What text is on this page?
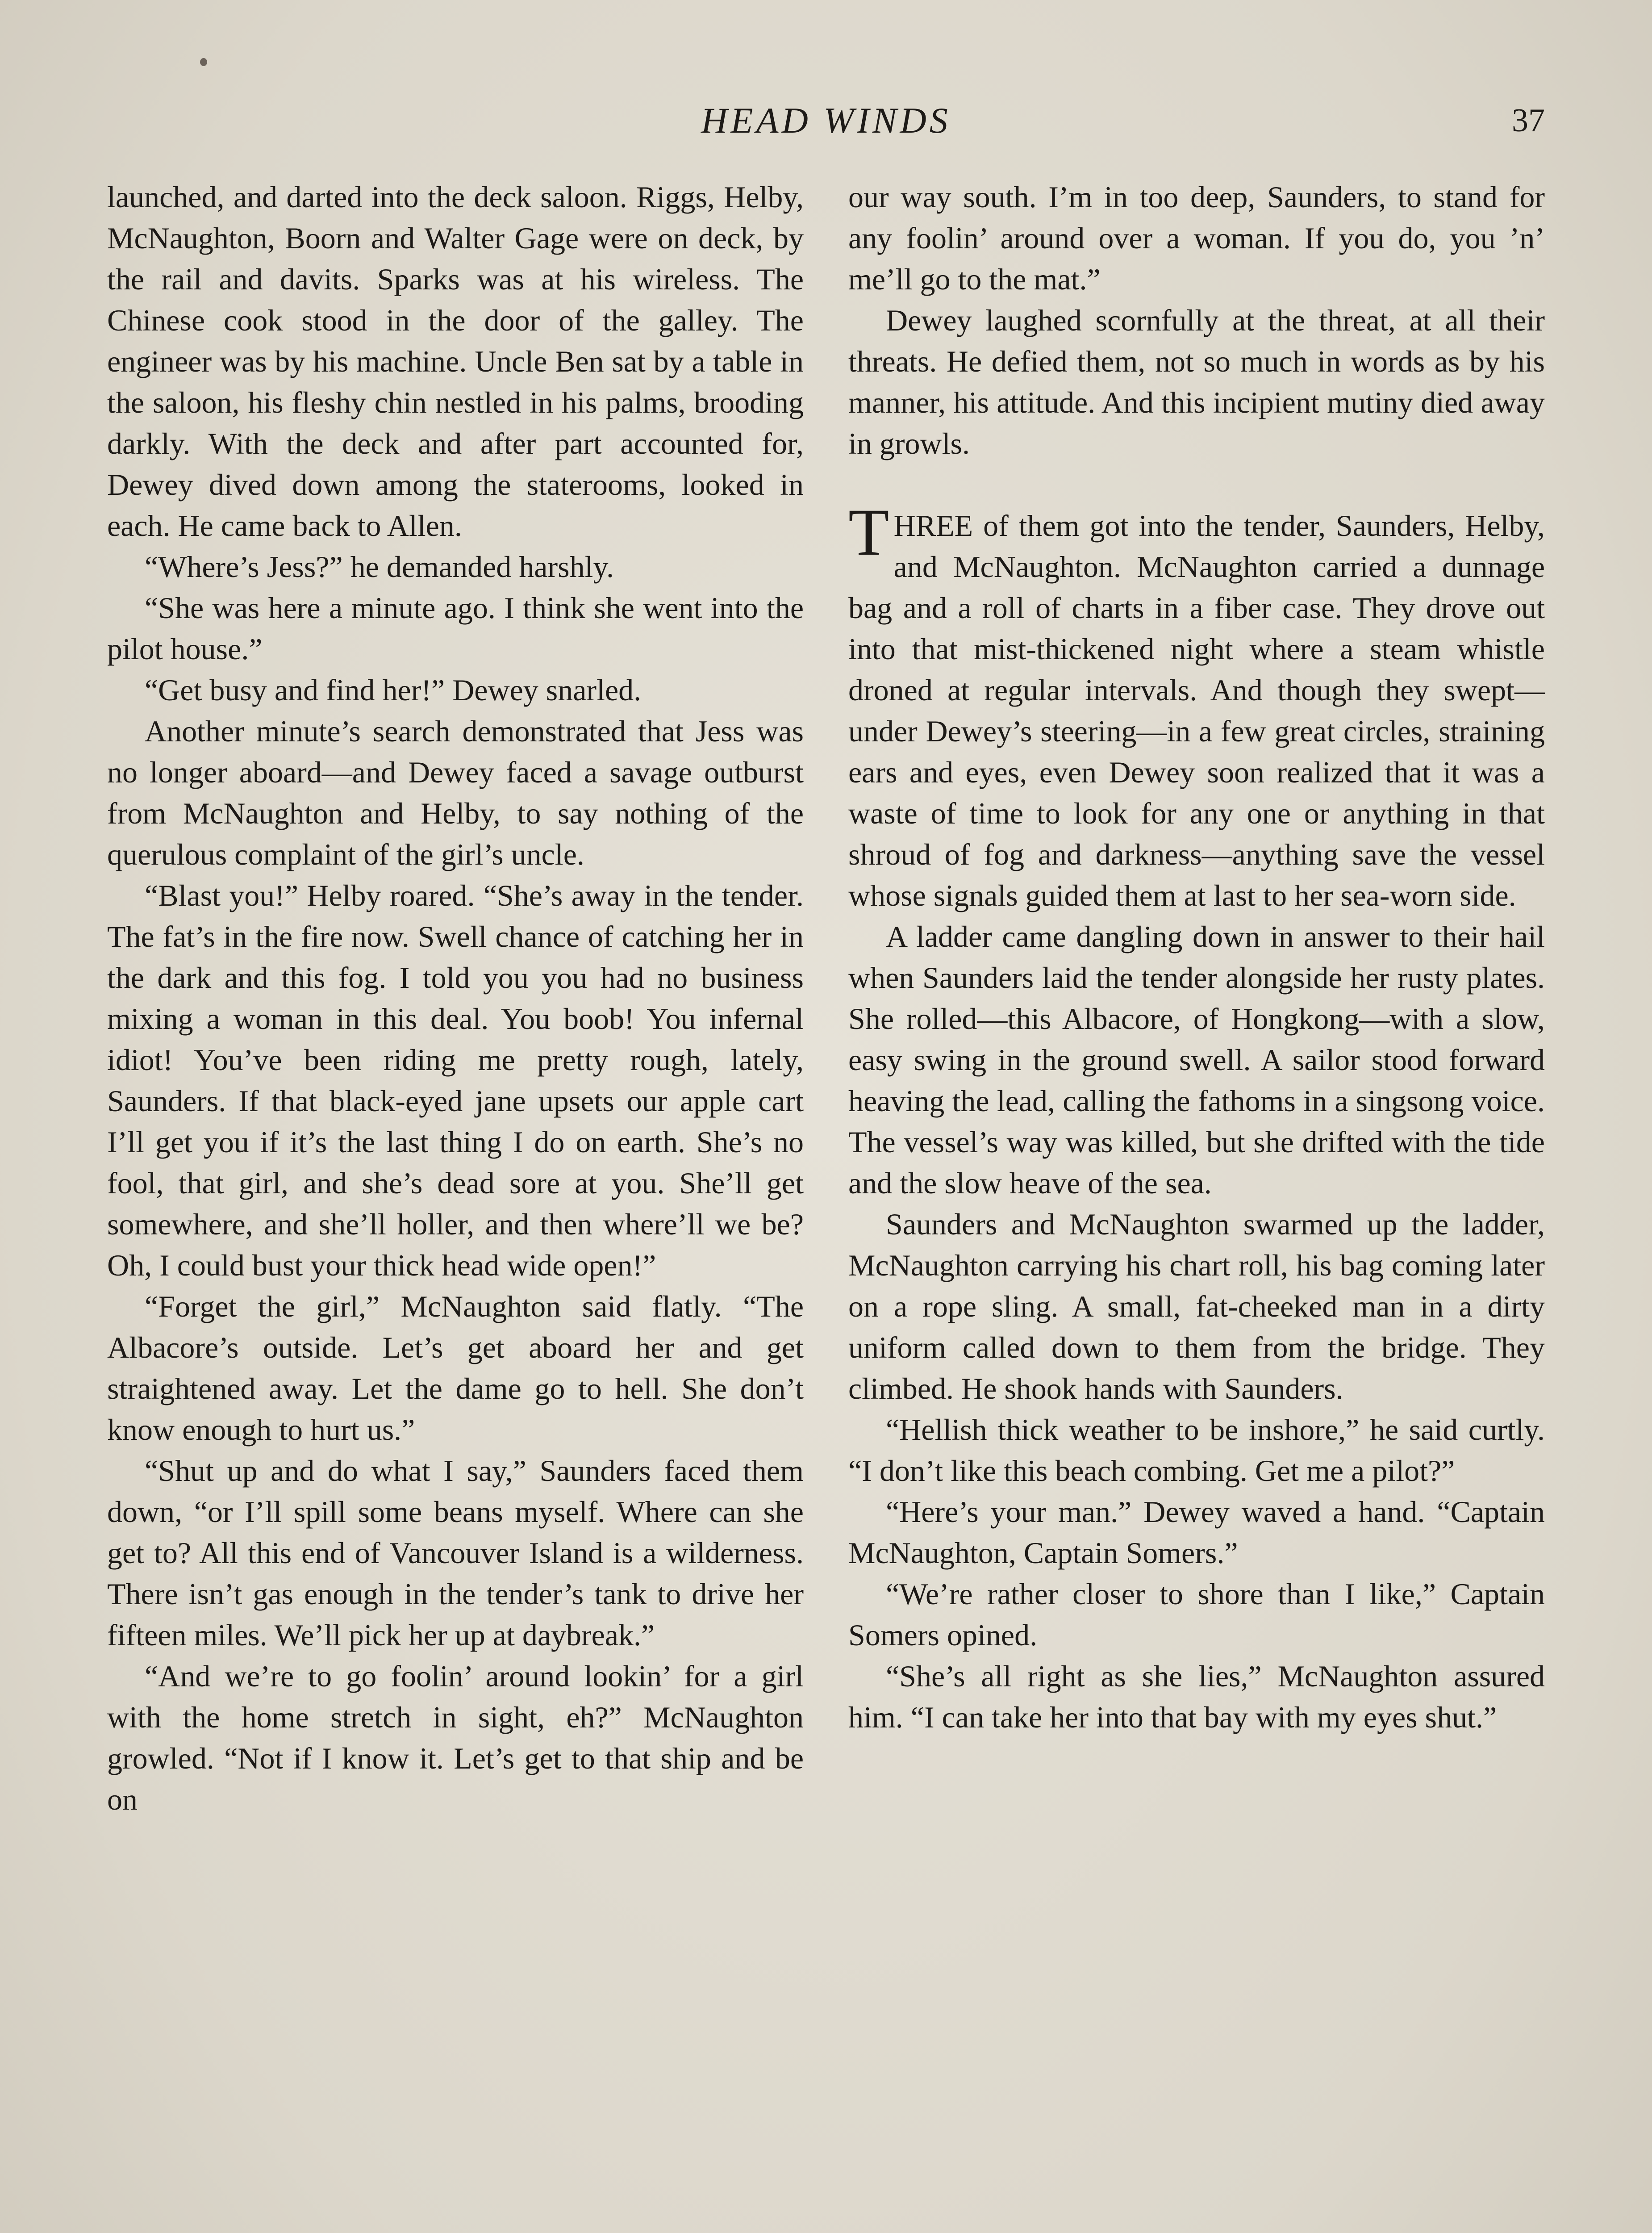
HEAD WINDS	37

launched, and darted into the deck saloon. Riggs, Helby, McNaughton, Boorn and Walter Gage were on deck, by the rail and davits. Sparks was at his wireless. The Chinese cook stood in the door of the galley. The engineer was by his machine. Uncle Ben sat by a table in the saloon, his fleshy chin nestled in his palms, brooding darkly. With the deck and after part accounted for, Dewey dived down among the staterooms, looked in each. He came back to Allen.

“Where’s Jess?” he demanded harshly.

“She was here a minute ago. I think she went into the pilot house.”

“Get busy and find her!” Dewey snarled.

Another minute’s search demonstrated that Jess was no longer aboard—and Dewey faced a savage outburst from McNaughton and Helby, to say nothing of the querulous complaint of the girl’s uncle.

“Blast you!” Helby roared. “She’s away in the tender. The fat’s in the fire now. Swell chance of catching her in the dark and this fog. I told you you had no business mixing a woman in this deal. You boob! You infernal idiot! You’ve been riding me pretty rough, lately, Saunders. If that black-eyed jane upsets our apple cart I’ll get you if it’s the last thing I do on earth. She’s no fool, that girl, and she’s dead sore at you. She’ll get somewhere, and she’ll holler, and then where’ll we be? Oh, I could bust your thick head wide open!”

“Forget the girl,” McNaughton said flatly. “The Albacore’s outside. Let’s get aboard her and get straightened away. Let the dame go to hell. She don’t know enough to hurt us.”

“Shut up and do what I say,” Saunders faced them down, “or I’ll spill some beans myself. Where can she get to? All this end of Vancouver Island is a wilderness. There isn’t gas enough in the tender’s tank to drive her fifteen miles. We’ll pick her up at daybreak.”

“And we’re to go foolin’ around lookin’ for a girl with the home stretch in sight, eh?” McNaughton growled. “Not if I know it. Let’s get to that ship and be on

our way south. I’m in too deep, Saunders, to stand for any foolin’ around over a woman. If you do, you ’n’ me’ll go to the mat.”

Dewey laughed scornfully at the threat, at all their threats. He defied them, not so much in words as by his manner, his attitude. And this incipient mutiny died away in growls.

THREE of them got into the tender, Saunders, Helby, and McNaughton. McNaughton carried a dunnage bag and a roll of charts in a fiber case. They drove out into that mist-thickened night where a steam whistle droned at regular intervals. And though they swept—under Dewey’s steering—in a few great circles, straining ears and eyes, even Dewey soon realized that it was a waste of time to look for any one or anything in that shroud of fog and darkness—anything save the vessel whose signals guided them at last to her sea-worn side.

A ladder came dangling down in answer to their hail when Saunders laid the tender alongside her rusty plates. She rolled—this Albacore, of Hongkong—with a slow, easy swing in the ground swell. A sailor stood forward heaving the lead, calling the fathoms in a singsong voice. The vessel’s way was killed, but she drifted with the tide and the slow heave of the sea.

Saunders and McNaughton swarmed up the ladder, McNaughton carrying his chart roll, his bag coming later on a rope sling. A small, fat-cheeked man in a dirty uniform called down to them from the bridge. They climbed. He shook hands with Saunders.

“Hellish thick weather to be inshore,” he said curtly. “I don’t like this beach combing. Get me a pilot?”

“Here’s your man.” Dewey waved a hand. “Captain McNaughton, Captain Somers.”

“We’re rather closer to shore than I like,” Captain Somers opined.

“She’s all right as she lies,” McNaughton assured him. “I can take her into that bay with my eyes shut.”
